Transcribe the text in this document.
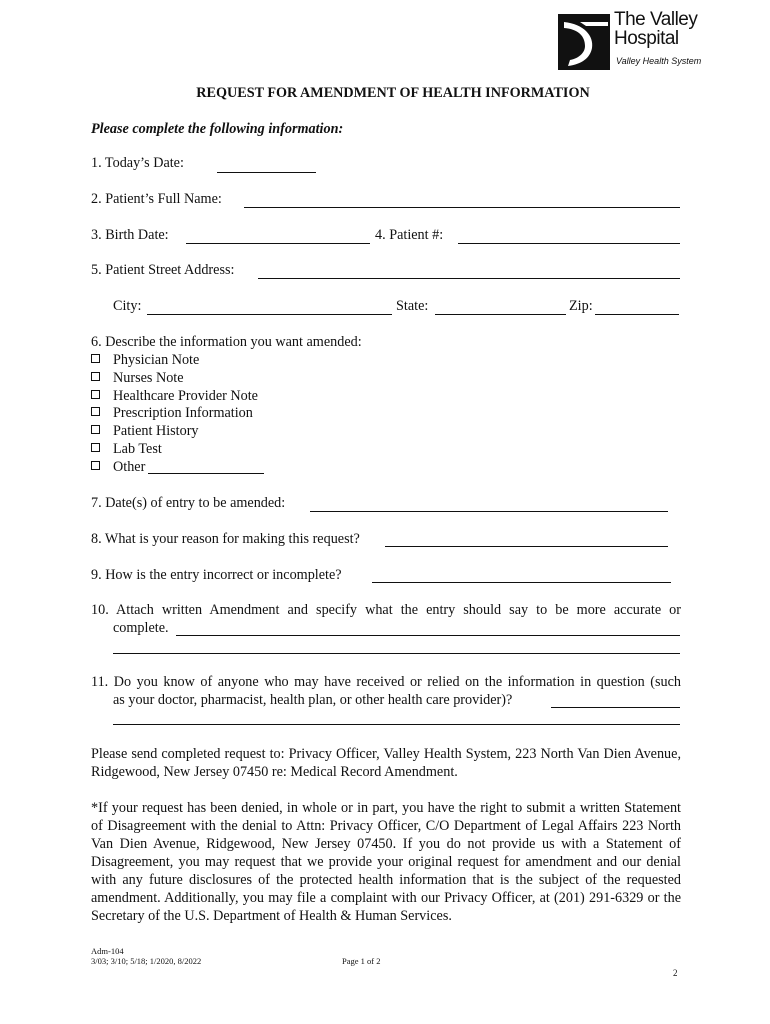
The Valley
Hospital
Valley Health System
REQUEST FOR AMENDMENT OF HEALTH INFORMATION
Please complete the following information:
1. Today’s Date:
2. Patient’s Full Name:
3. Birth Date:	4. Patient #:
5. Patient Street Address:
City:	State:	Zip:
6. Describe the information you want amended:
Physician Note
Nurses Note
Healthcare Provider Note
Prescription Information
Patient History
Lab Test
Other
7. Date(s) of entry to be amended:
8. What is your reason for making this request?
9. How is the entry incorrect or incomplete?
10. Attach written Amendment and specify what the entry should say to be more accurate or
complete.
11. Do you know of anyone who may have received or relied on the information in question (such
as your doctor, pharmacist, health plan, or other health care provider)?
Please send completed request to: Privacy Officer, Valley Health System, 223 North Van Dien Avenue, Ridgewood, New Jersey 07450 re: Medical Record Amendment.
*If your request has been denied, in whole or in part, you have the right to submit a written Statement of Disagreement with the denial to Attn: Privacy Officer, C/O Department of Legal Affairs 223 North Van Dien Avenue, Ridgewood, New Jersey 07450. If you do not provide us with a Statement of Disagreement, you may request that we provide your original request for amendment and our denial with any future disclosures of the protected health information that is the subject of the requested amendment. Additionally, you may file a complaint with our Privacy Officer, at (201) 291-6329 or the Secretary of the U.S. Department of Health & Human Services.
Adm-104
3/03; 3/10; 5/18; 1/2020, 8/2022	Page 1 of 2
2
